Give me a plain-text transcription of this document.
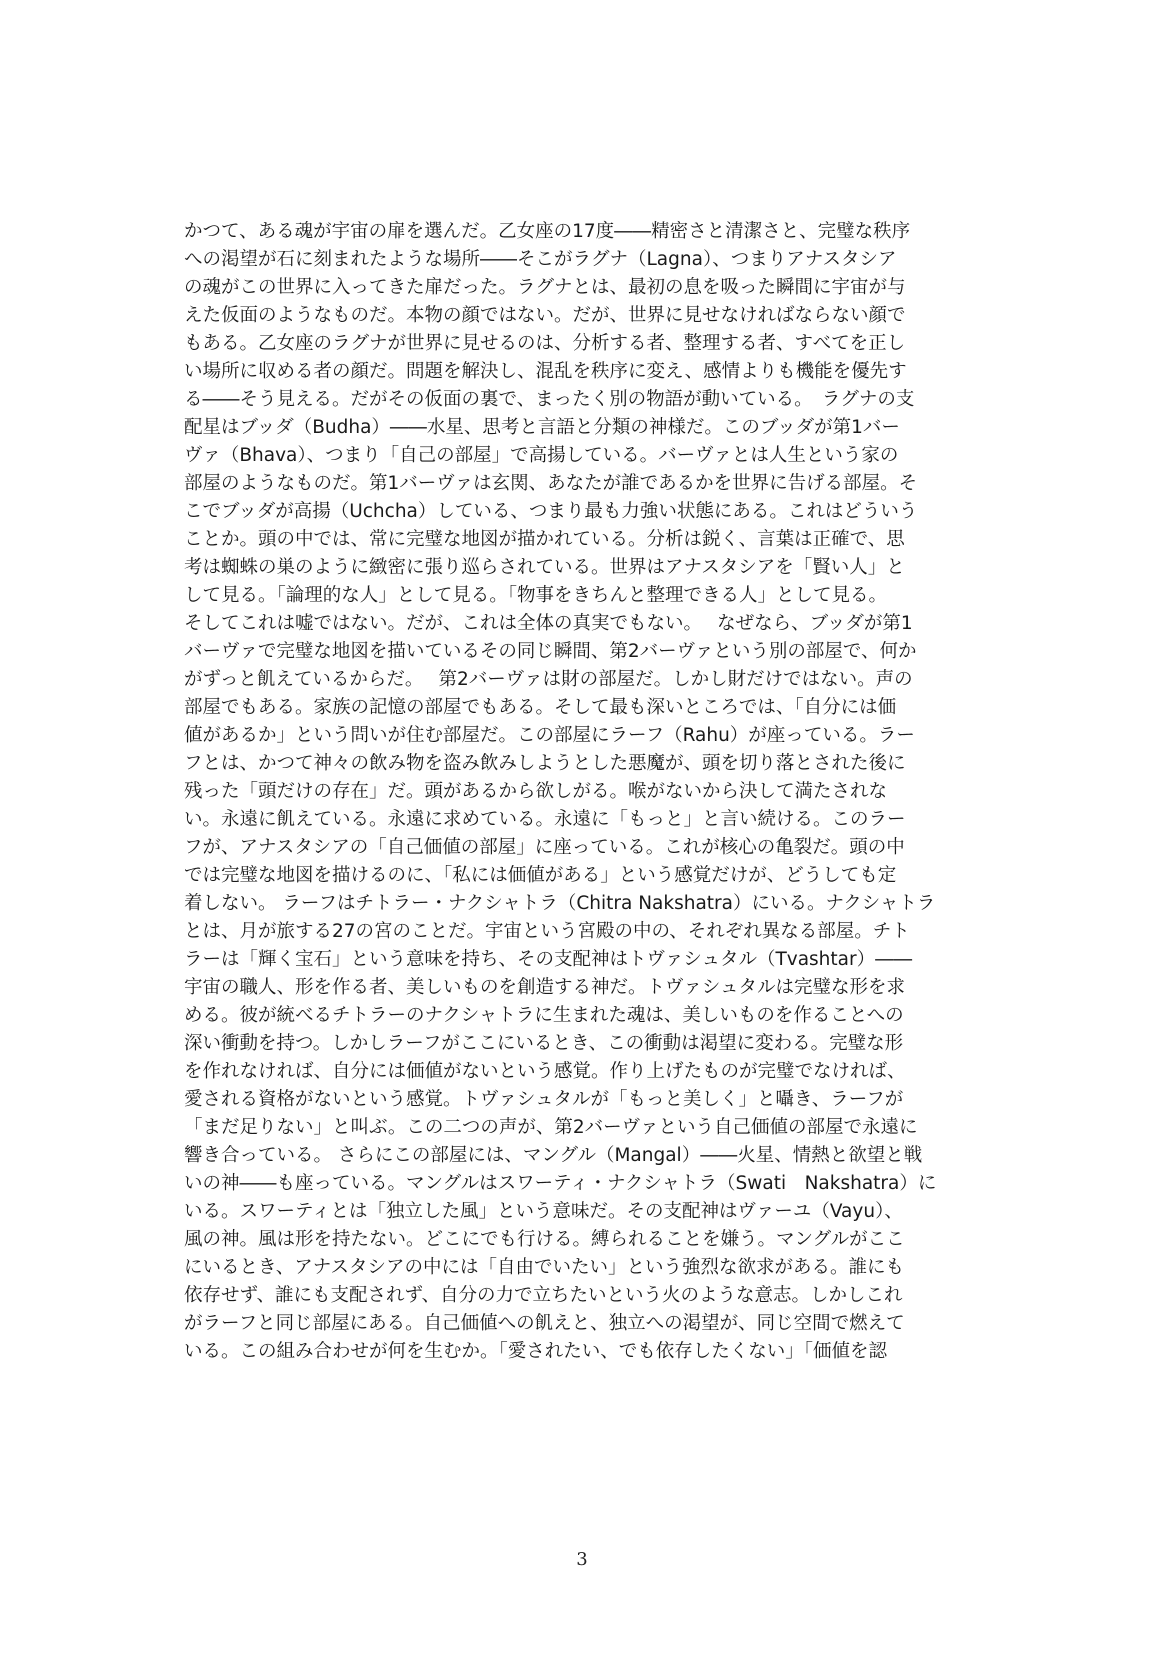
かつて、ある魂が宇宙の扉を選んだ。乙女座の17度――精密さと清潔さと、完璧な秩序
への渇望が石に刻まれたような場所――そこがラグナ（Lagna）、つまりアナスタシア
の魂がこの世界に入ってきた扉だった。ラグナとは、最初の息を吸った瞬間に宇宙が与
えた仮面のようなものだ。本物の顔ではない。だが、世界に見せなければならない顔で
もある。乙女座のラグナが世界に見せるのは、分析する者、整理する者、すべてを正し
い場所に収める者の顔だ。問題を解決し、混乱を秩序に変え、感情よりも機能を優先す
る――そう見える。だがその仮面の裏で、まったく別の物語が動いている。　ラグナの支
配星はブッダ（Budha）――水星、思考と言語と分類の神様だ。このブッダが第1バー
ヴァ（Bhava）、つまり「自己の部屋」で高揚している。バーヴァとは人生という家の
部屋のようなものだ。第1バーヴァは玄関、あなたが誰であるかを世界に告げる部屋。そ
こでブッダが高揚（Uchcha）している、つまり最も力強い状態にある。これはどういう
ことか。頭の中では、常に完璧な地図が描かれている。分析は鋭く、言葉は正確で、思
考は蜘蛛の巣のように緻密に張り巡らされている。世界はアナスタシアを「賢い人」と
して見る。「論理的な人」として見る。「物事をきちんと整理できる人」として見る。
そしてこれは嘘ではない。だが、これは全体の真実でもない。　 なぜなら、ブッダが第1
バーヴァで完璧な地図を描いているその同じ瞬間、第2バーヴァという別の部屋で、何か
がずっと飢えているからだ。　 第2バーヴァは財の部屋だ。しかし財だけではない。声の
部屋でもある。家族の記憶の部屋でもある。そして最も深いところでは、「自分には価
値があるか」という問いが住む部屋だ。この部屋にラーフ（Rahu）が座っている。ラー
フとは、かつて神々の飲み物を盗み飲みしようとした悪魔が、頭を切り落とされた後に
残った「頭だけの存在」だ。頭があるから欲しがる。喉がないから決して満たされな
い。永遠に飢えている。永遠に求めている。永遠に「もっと」と言い続ける。このラー
フが、アナスタシアの「自己価値の部屋」に座っている。これが核心の亀裂だ。頭の中
では完璧な地図を描けるのに、「私には価値がある」という感覚だけが、どうしても定
着しない。 ラーフはチトラー・ナクシャトラ（Chitra Nakshatra）にいる。ナクシャトラ
とは、月が旅する27の宮のことだ。宇宙という宮殿の中の、それぞれ異なる部屋。チト
ラーは「輝く宝石」という意味を持ち、その支配神はトヴァシュタル（Tvashtar）――
宇宙の職人、形を作る者、美しいものを創造する神だ。トヴァシュタルは完璧な形を求
める。彼が統べるチトラーのナクシャトラに生まれた魂は、美しいものを作ることへの
深い衝動を持つ。しかしラーフがここにいるとき、この衝動は渇望に変わる。完璧な形
を作れなければ、自分には価値がないという感覚。作り上げたものが完璧でなければ、
愛される資格がないという感覚。トヴァシュタルが「もっと美しく」と囁き、ラーフが
「まだ足りない」と叫ぶ。この二つの声が、第2バーヴァという自己価値の部屋で永遠に
響き合っている。 さらにこの部屋には、マングル（Mangal）――火星、情熱と欲望と戦
いの神――も座っている。マングルはスワーティ・ナクシャトラ（Swati　Nakshatra）に
いる。スワーティとは「独立した風」という意味だ。その支配神はヴァーユ（Vayu）、
風の神。風は形を持たない。どこにでも行ける。縛られることを嫌う。マングルがここ
にいるとき、アナスタシアの中には「自由でいたい」という強烈な欲求がある。誰にも
依存せず、誰にも支配されず、自分の力で立ちたいという火のような意志。しかしこれ
がラーフと同じ部屋にある。自己価値への飢えと、独立への渇望が、同じ空間で燃えて
いる。この組み合わせが何を生むか。「愛されたい、でも依存したくない」「価値を認
3
